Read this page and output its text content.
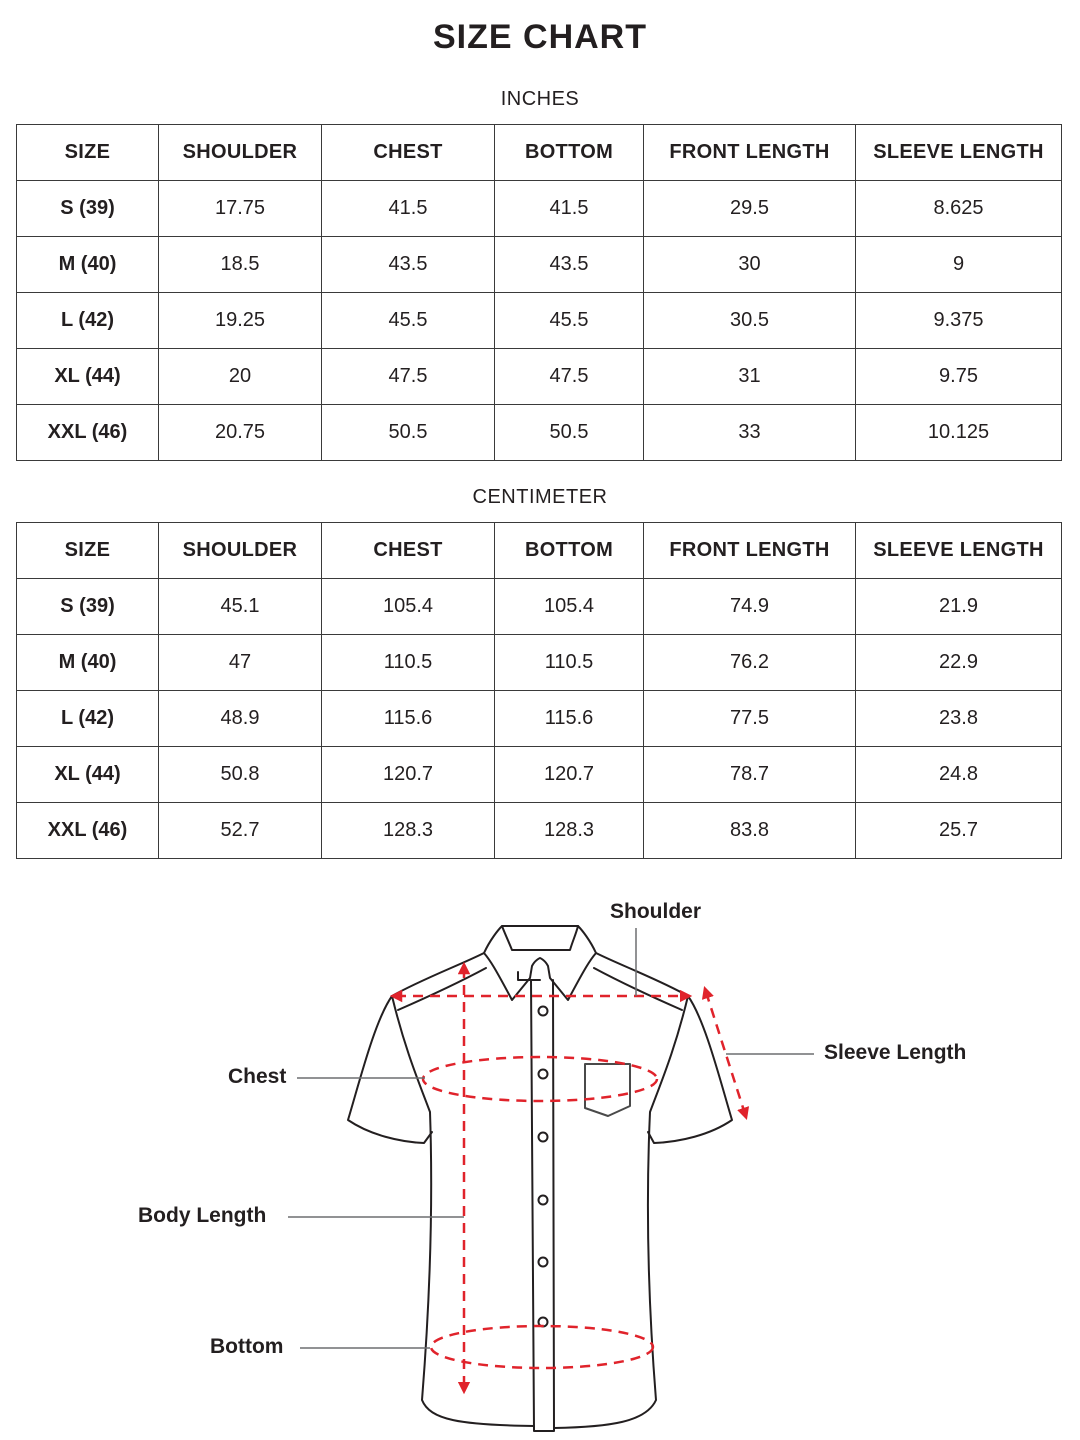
SIZE CHART
INCHES
SIZE	SHOULDER	CHEST	BOTTOM	FRONT LENGTH	SLEEVE LENGTH
S (39)	17.75	41.5	41.5	29.5	8.625
M (40)	18.5	43.5	43.5	30	9
L (42)	19.25	45.5	45.5	30.5	9.375
XL (44)	20	47.5	47.5	31	9.75
XXL (46)	20.75	50.5	50.5	33	10.125
CENTIMETER
SIZE	SHOULDER	CHEST	BOTTOM	FRONT LENGTH	SLEEVE LENGTH
S (39)	45.1	105.4	105.4	74.9	21.9
M (40)	47	110.5	110.5	76.2	22.9
L (42)	48.9	115.6	115.6	77.5	23.8
XL (44)	50.8	120.7	120.7	78.7	24.8
XXL (46)	52.7	128.3	128.3	83.8	25.7
Shoulder
Sleeve Length
Chest
Body Length
Bottom
